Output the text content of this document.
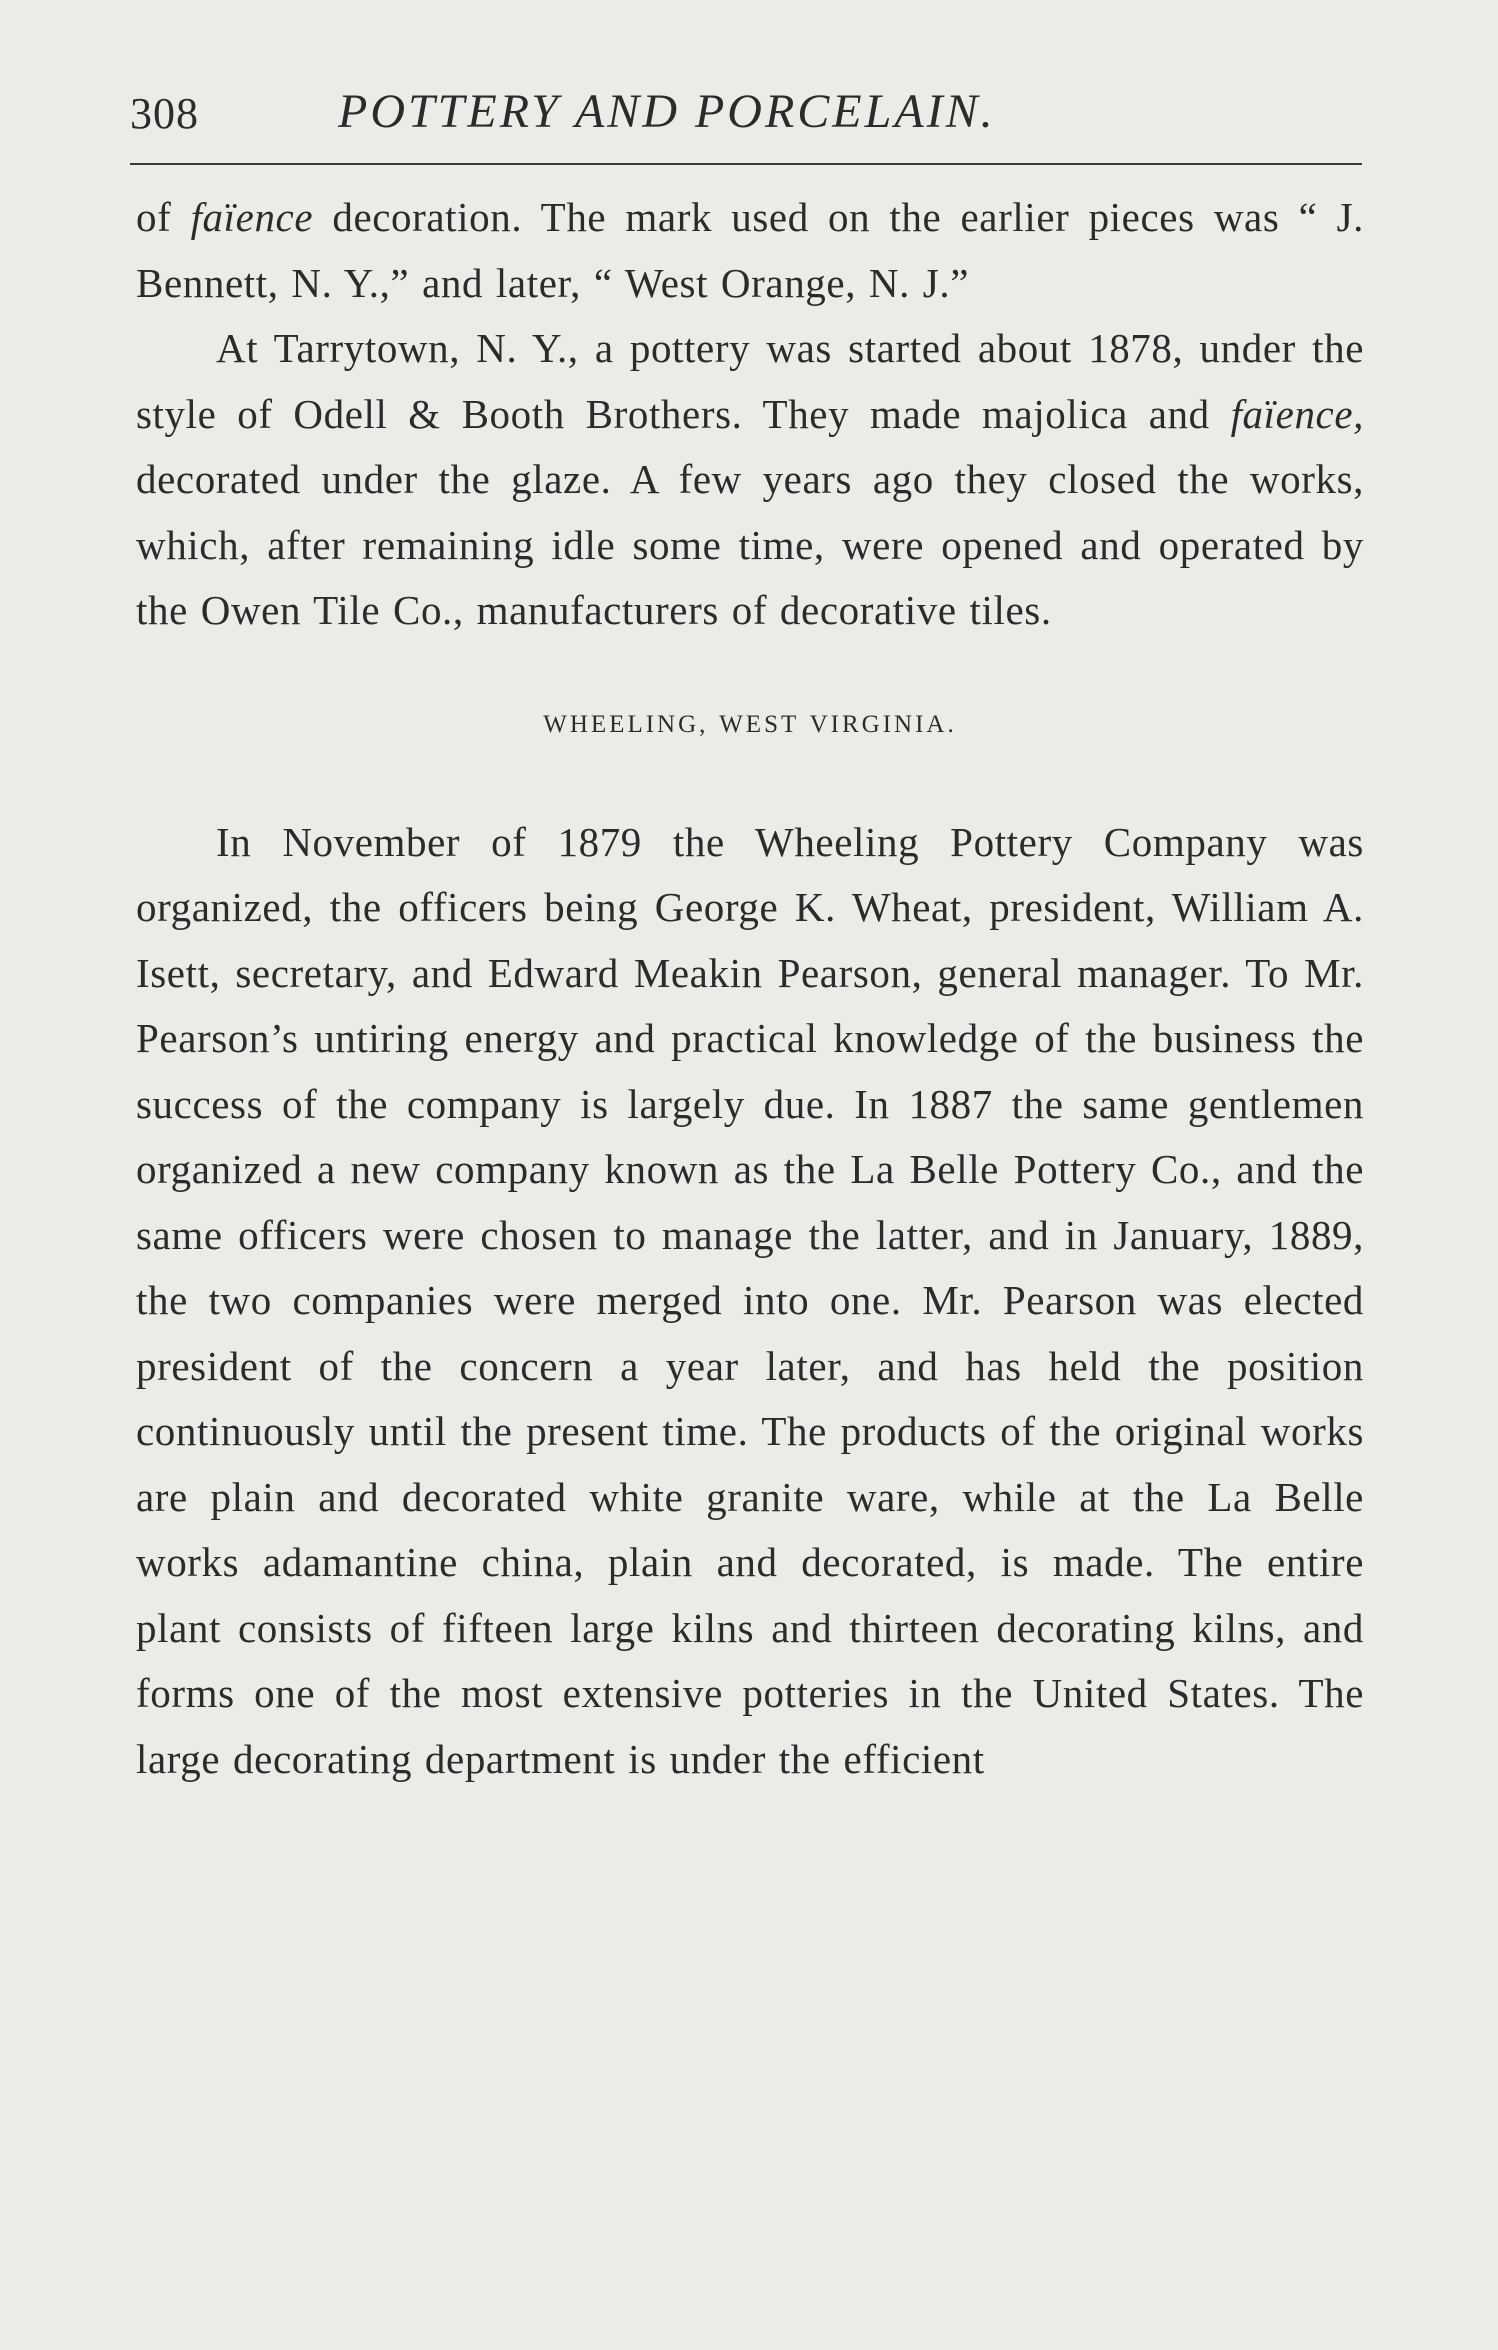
308	POTTERY AND PORCELAIN.

of faïence decoration. The mark used on the earlier pieces was “ J. Bennett, N. Y.,” and later, “ West Orange, N. J.”

At Tarrytown, N. Y., a pottery was started about 1878, under the style of Odell & Booth Brothers. They made majolica and faïence, decorated under the glaze. A few years ago they closed the works, which, after remaining idle some time, were opened and operated by the Owen Tile Co., manufacturers of decorative tiles.

WHEELING, WEST VIRGINIA.

In November of 1879 the Wheeling Pottery Company was organized, the officers being George K. Wheat, president, William A. Isett, secretary, and Edward Meakin Pearson, general manager. To Mr. Pearson’s untiring energy and practical knowledge of the business the success of the company is largely due. In 1887 the same gentlemen organized a new company known as the La Belle Pottery Co., and the same officers were chosen to manage the latter, and in January, 1889, the two companies were merged into one. Mr. Pearson was elected president of the concern a year later, and has held the position continuously until the present time. The products of the original works are plain and decorated white granite ware, while at the La Belle works adamantine china, plain and decorated, is made. The entire plant consists of fifteen large kilns and thirteen decorating kilns, and forms one of the most extensive potteries in the United States. The large decorating department is under the efficient
